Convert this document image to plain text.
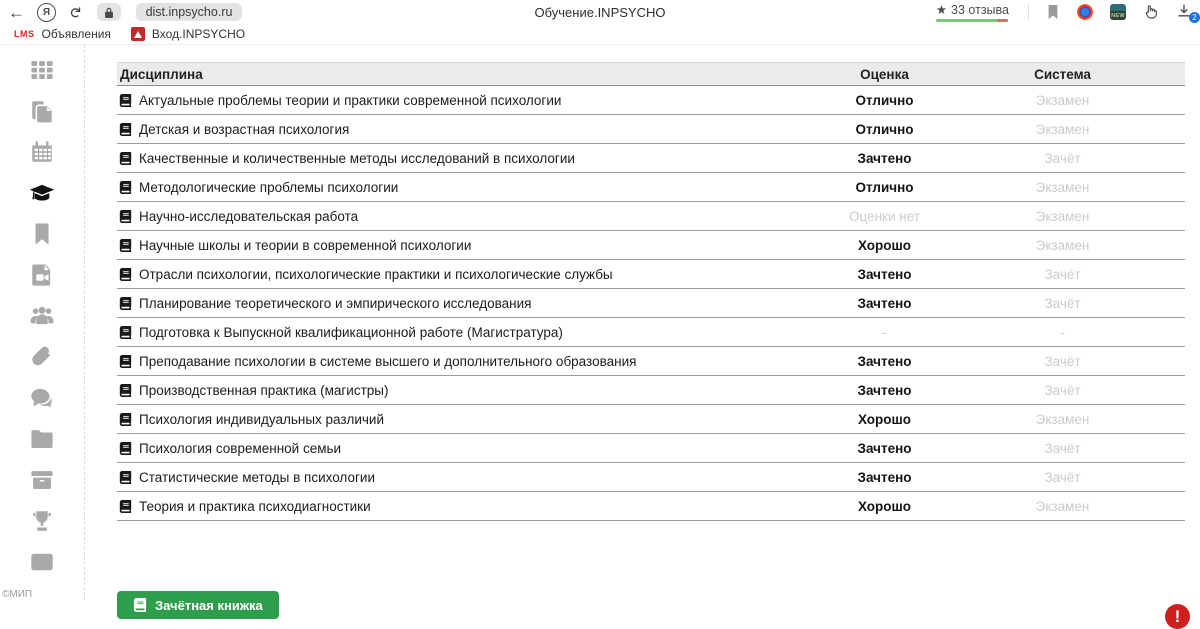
← Я ↻	dist.inpsycho.ru	Обучение.INPSYCHO	★ 33 отзыва	NEW	2
LMS Объявления	Вход.INPSYCHO
©МИП
Дисциплина	Оценка	Система

Актуальные проблемы теории и практики современной психологии	Отлично	Экзамен

Детская и возрастная психология	Отлично	Экзамен

Качественные и количественные методы исследований в психологии	Зачтено	Зачёт

Методологические проблемы психологии	Отлично	Экзамен

Научно-исследовательская работа	Оценки нет	Экзамен

Научные школы и теории в современной психологии	Хорошо	Экзамен

Отрасли психологии, психологические практики и психологические службы	Зачтено	Зачёт

Планирование теоретического и эмпирического исследования	Зачтено	Зачёт

Подготовка к Выпускной квалификационной работе (Магистратура)	-	-

Преподавание психологии в системе высшего и дополнительного образования	Зачтено	Зачёт

Производственная практика (магистры)	Зачтено	Зачёт

Психология индивидуальных различий	Хорошо	Экзамен

Психология современной семьи	Зачтено	Зачёт

Статистические методы в психологии	Зачтено	Зачёт

Теория и практика психодиагностики	Хорошо	Экзамен
Зачётная книжка
!
